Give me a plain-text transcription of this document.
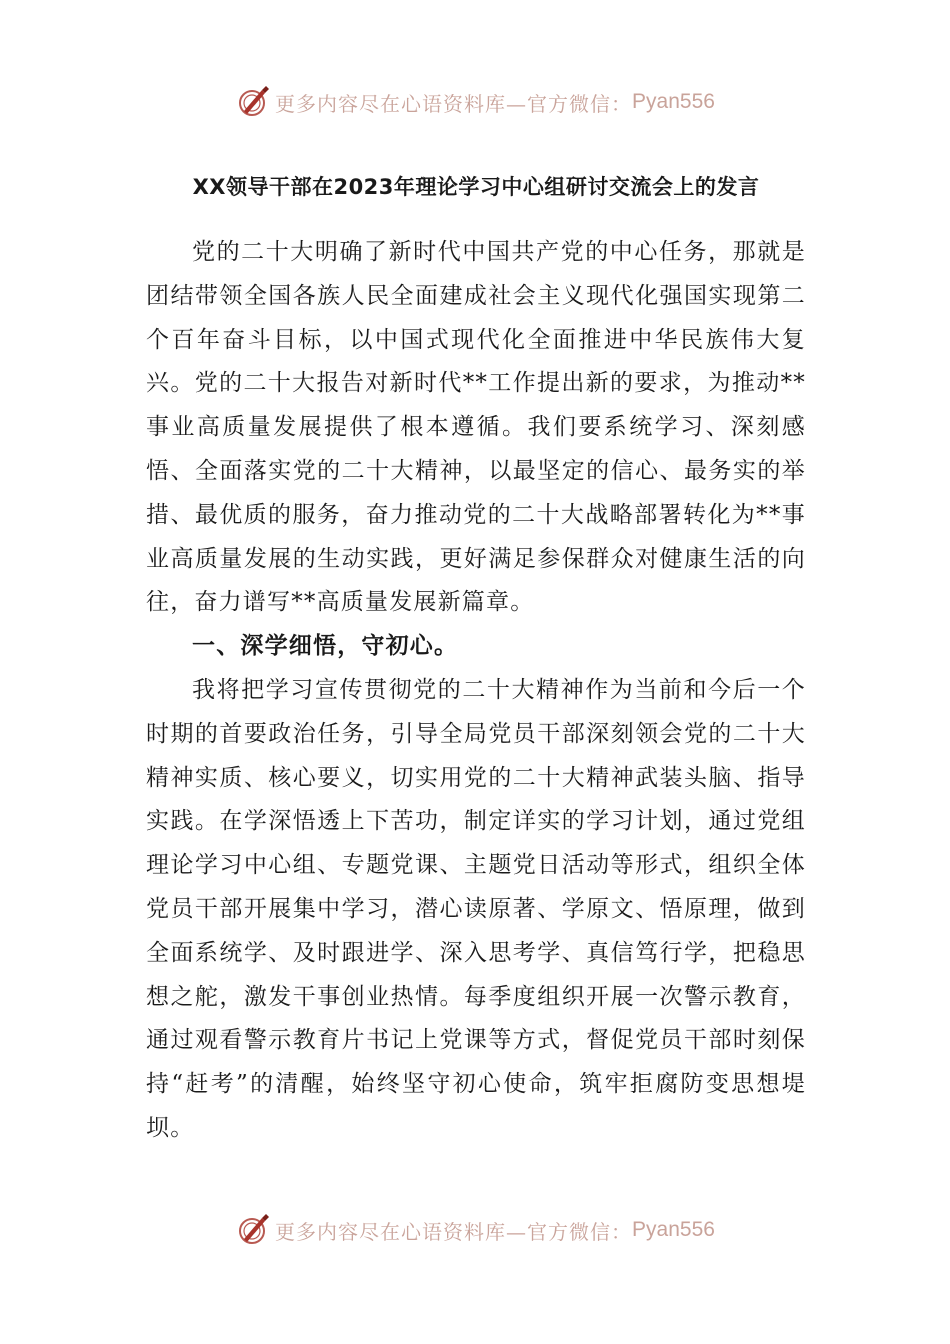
更多内容尽在心语资料库—官方微信： Pyan556
XX领导干部在2023年理论学习中心组研讨交流会上的发言
党的二十大明确了新时代中国共产党的中心任务，那就是团结带领全国各族人民全面建成社会主义现代化强国实现第二个百年奋斗目标，以中国式现代化全面推进中华民族伟大复兴。党的二十大报告对新时代**工作提出新的要求，为推动**事业高质量发展提供了根本遵循。我们要系统学习、深刻感悟、全面落实党的二十大精神，以最坚定的信心、最务实的举措、最优质的服务，奋力推动党的二十大战略部署转化为**事业高质量发展的生动实践，更好满足参保群众对健康生活的向往，奋力谱写**高质量发展新篇章。
一、深学细悟，守初心。
我将把学习宣传贯彻党的二十大精神作为当前和今后一个时期的首要政治任务，引导全局党员干部深刻领会党的二十大精神实质、核心要义，切实用党的二十大精神武装头脑、指导实践。在学深悟透上下苦功，制定详实的学习计划，通过党组理论学习中心组、专题党课、主题党日活动等形式，组织全体党员干部开展集中学习，潜心读原著、学原文、悟原理，做到全面系统学、及时跟进学、深入思考学、真信笃行学，把稳思想之舵，激发干事创业热情。每季度组织开展一次警示教育，通过观看警示教育片书记上党课等方式，督促党员干部时刻保持“赶考”的清醒，始终坚守初心使命，筑牢拒腐防变思想堤坝。
更多内容尽在心语资料库—官方微信： Pyan556
